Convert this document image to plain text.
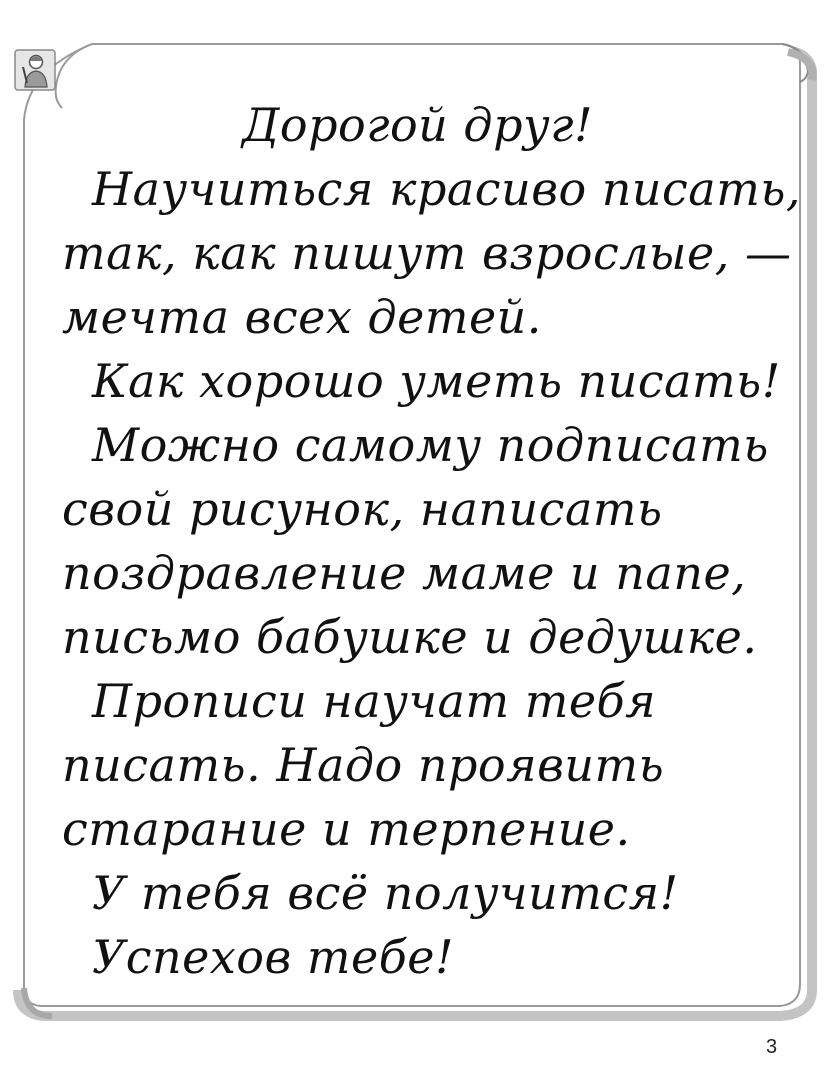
Дорогой друг!
Научиться красиво писать,
так, как пишут взрослые, —
мечта всех детей.
Как хорошо уметь писать!
Можно самому подписать
свой рисунок, написать
поздравление маме и папе,
письмо бабушке и дедушке.
Прописи научат тебя
писать. Надо проявить
старание и терпение.
У тебя всё получится!
Успехов тебе!
3
